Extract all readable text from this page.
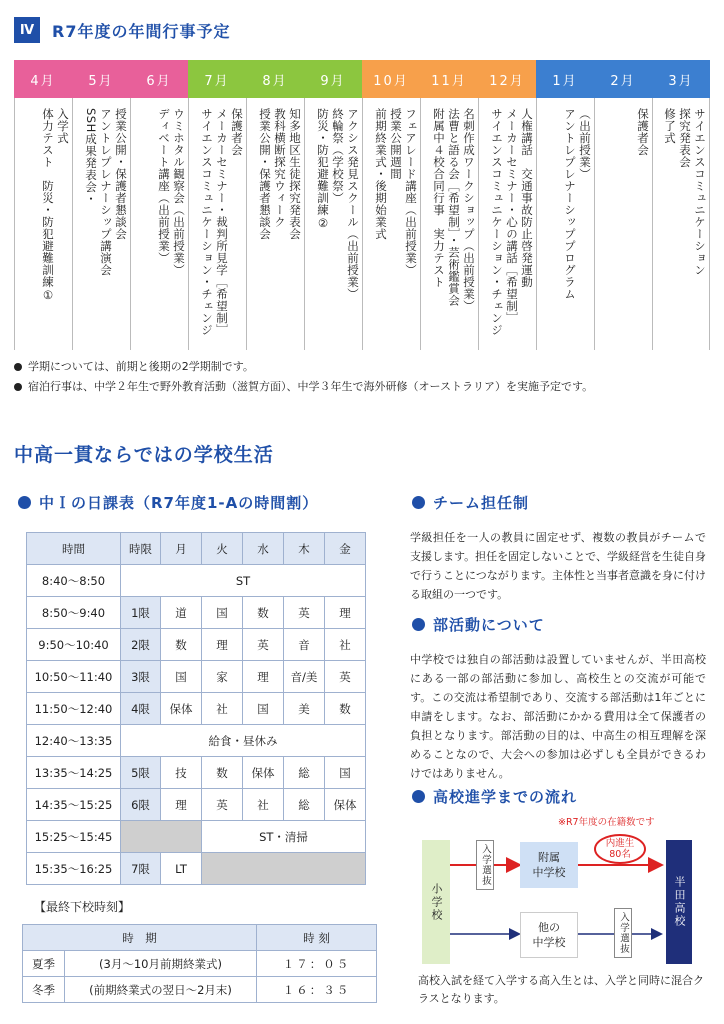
Ⅳ	R7年度の年間行事予定
4月
入学式
体力テスト　防災・防犯避難訓練①
5月
授業公開・保護者懇談会
アントレプレナーシップ講演会
SSH成果発表会・
6月
ウミホタル観察会（出前授業）
ディベート講座（出前授業）
7月
保護者会
メーカーセミナー・裁判所見学［希望制］
サイエンスコミュニケーション・チェンジ
8月
知多地区生徒探究発表会
教科横断探究ウィーク
授業公開・保護者懇談会
9月
アクシス発見スクール（出前授業）
終輪祭（学校祭）
防災・防犯避難訓練②
10月
フェアレード講座（出前授業）
授業公開週間
前期終業式・後期始業式
11月
名刺作成ワークショップ（出前授業）
法曹と語る会［希望制］・芸術鑑賞会
附属中４校合同行事　実力テスト
12月
人権講話　交通事故防止啓発運動
メーカーセミナー・心の講話［希望制］
サイエンスコミュニケーション・チェンジ
1月
（出前授業）
アントレプレナーシッププログラム
2月
保護者会
3月
サイエンスコミュニケーション
探究発表会
修了式
学期については、前期と後期の2学期制です。
宿泊行事は、中学２年生で野外教育活動（滋賀方面）、中学３年生で海外研修（オーストラリア）を実施予定です。
中高一貫ならではの学校生活
中Ｉの日課表（R7年度1-Aの時間割）
時間	時限	月	火	水	木	金
8:40〜8:50	ST					
8:50〜9:40	1限	道	国	数	英	理
9:50〜10:40	2限	数	理	英	音	社
10:50〜11:40	3限	国	家	理	音/美	英
11:50〜12:40	4限	保体	社	国	美	数
12:40〜13:35	給食・昼休み					
13:35〜14:25	5限	技	数	保体	総	国
14:35〜15:25	6限	理	英	社	総	保体
15:25〜15:45			ST・清掃			
15:35〜16:25	7限	LT				
【最終下校時刻】
時　期		時 刻
夏季	(3月〜10月前期終業式)	１７：０５
冬季	(前期終業式の翌日〜2月末)	１６：３５
チーム担任制
学級担任を一人の教員に固定せず、複数の教員がチームで支援します。担任を固定しないことで、学級経営を生徒自身で行うことにつながります。主体性と当事者意識を身に付ける取組の一つです。
部活動について
中学校では独自の部活動は設置していませんが、半田高校にある一部の部活動に参加し、高校生との交流が可能です。この交流は希望制であり、交流する部活動は1年ごとに申請をします。なお、部活動にかかる費用は全て保護者の負担となります。部活動の目的は、中高生の相互理解を深めることなので、大会への参加は必ずしも全員ができるわけではありません。
高校進学までの流れ
※R7年度の在籍数です
小学校
入学選抜	附属
中学校
内進生
80名
他の
中学校	入学選抜
半田高校
高校入試を経て入学する高入生とは、入学と同時に混合クラスとなります。
